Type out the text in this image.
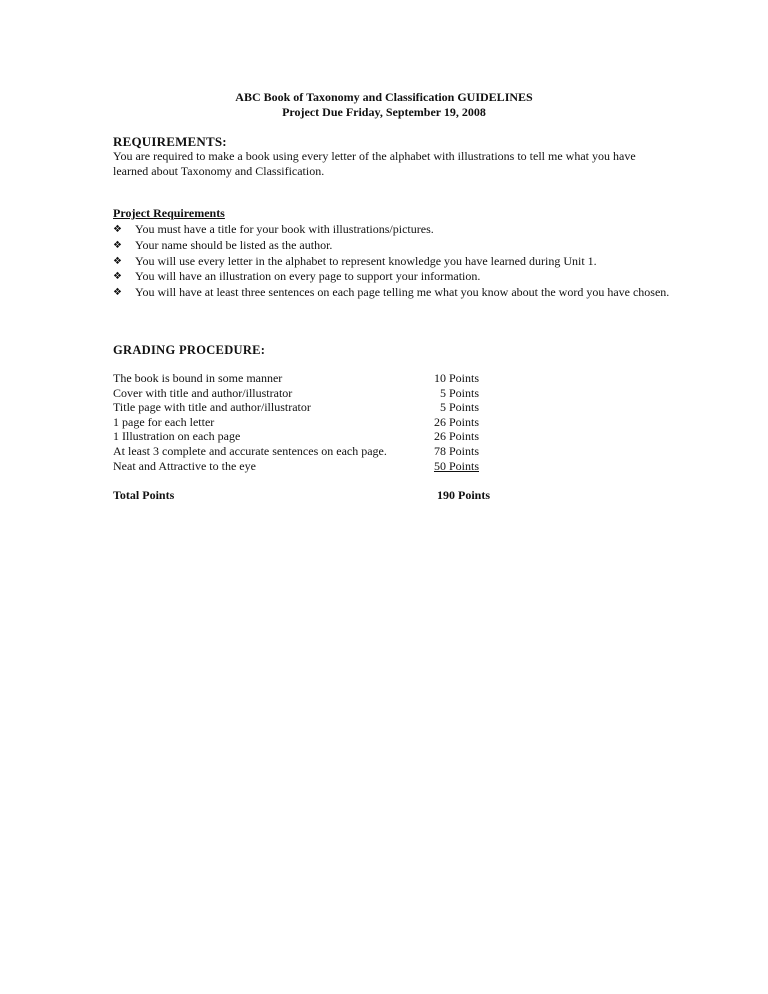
ABC Book of Taxonomy and Classification GUIDELINES
Project Due Friday, September 19, 2008
REQUIREMENTS:
You are required to make a book using every letter of the alphabet with illustrations to tell me what you have learned about Taxonomy and Classification.
Project Requirements
❖ You must have a title for your book with illustrations/pictures.
❖ Your name should be listed as the author.
❖ You will use every letter in the alphabet to represent knowledge you have learned during Unit 1.
❖ You will have an illustration on every page to support your information.
❖ You will have at least three sentences on each page telling me what you know about the word you have chosen.
GRADING PROCEDURE:
The book is bound in some manner	10 Points
Cover with title and author/illustrator	5 Points
Title page with title and author/illustrator	5 Points
1 page for each letter	26 Points
1 Illustration on each page	26 Points
At least 3 complete and accurate sentences on each page.	78 Points
Neat and Attractive to the eye	50 Points
Total Points	190 Points
